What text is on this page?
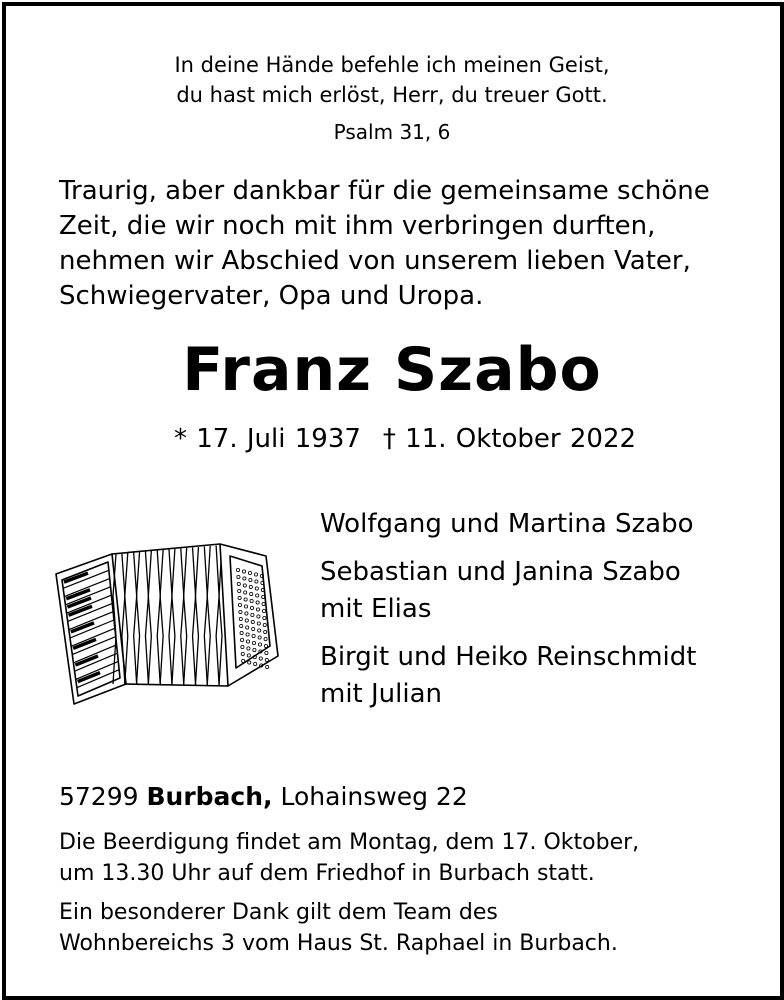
In deine Hände befehle ich meinen Geist,
du hast mich erlöst, Herr, du treuer Gott.
Psalm 31, 6
Traurig, aber dankbar für die gemeinsame schöne
Zeit, die wir noch mit ihm verbringen durften,
nehmen wir Abschied von unserem lieben Vater,
Schwiegervater, Opa und Uropa.
Franz Szabo
* 17. Juli 1937 † 11. Oktober 2022
Wolfgang und Martina Szabo
Sebastian und Janina Szabo
mit Elias
Birgit und Heiko Reinschmidt
mit Julian
57299 Burbach, Lohainsweg 22
Die Beerdigung findet am Montag, dem 17. Oktober,
um 13.30 Uhr auf dem Friedhof in Burbach statt.
Ein besonderer Dank gilt dem Team des
Wohnbereichs 3 vom Haus St. Raphael in Burbach.
